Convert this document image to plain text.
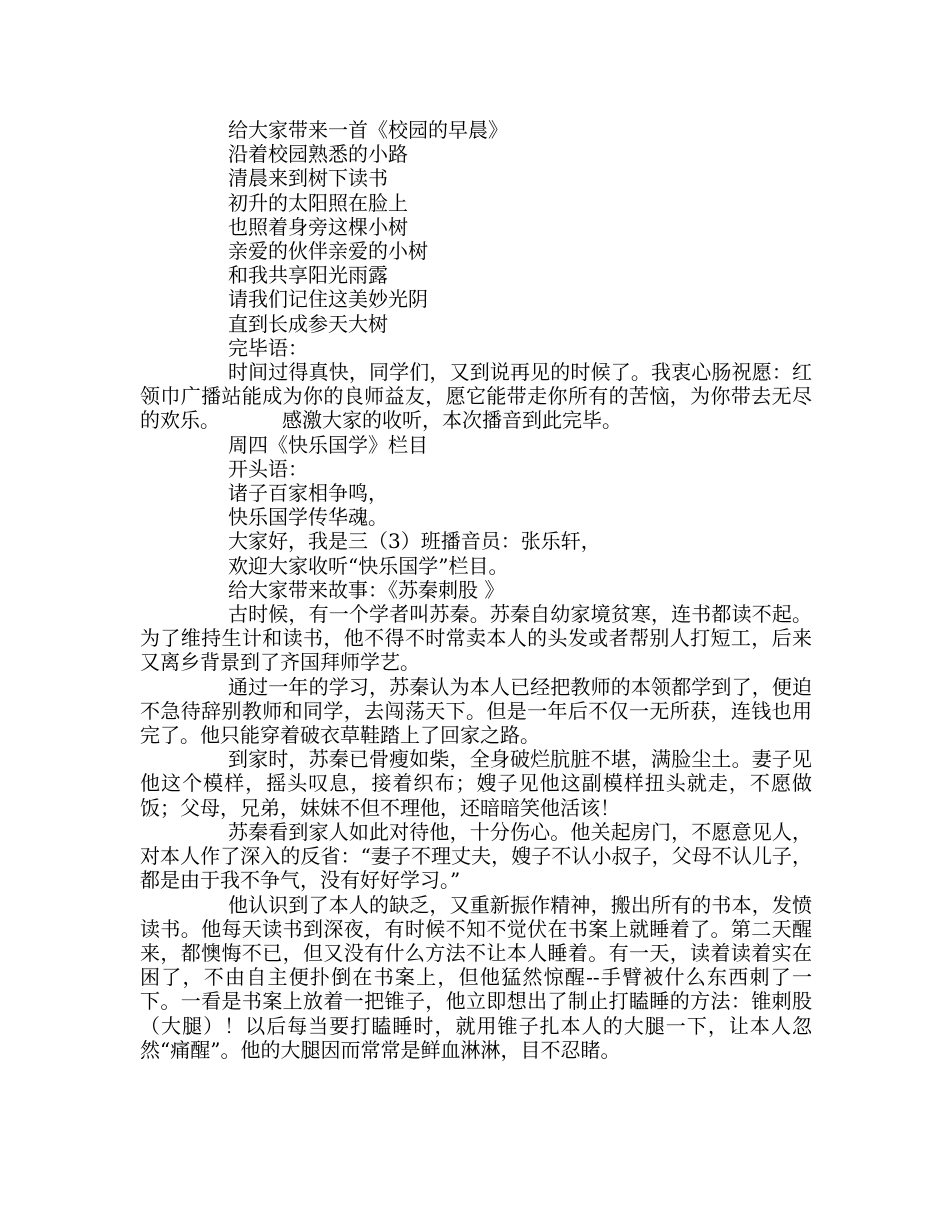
给大家带来一首《校园的早晨》
沿着校园熟悉的小路
清晨来到树下读书
初升的太阳照在脸上
也照着身旁这棵小树
亲爱的伙伴亲爱的小树
和我共享阳光雨露
请我们记住这美妙光阴
直到长成参天大树
完毕语：

时间过得真快，同学们，又到说再见的时候了。我衷心肠祝愿：红领巾广播站能成为你的良师益友，愿它能带走你所有的苦恼，为你带去无尽的欢乐。	感激大家的收听，本次播音到此完毕。

周四《快乐国学》栏目
开头语：
诸子百家相争鸣，
快乐国学传华魂。
大家好，我是三（3）班播音员：张乐轩，
欢迎大家收听“快乐国学”栏目。
给大家带来故事：《苏秦刺股 》

古时候，有一个学者叫苏秦。苏秦自幼家境贫寒，连书都读不起。为了维持生计和读书，他不得不时常卖本人的头发或者帮别人打短工，后来又离乡背景到了齐国拜师学艺。

通过一年的学习，苏秦认为本人已经把教师的本领都学到了，便迫不急待辞别教师和同学，去闯荡天下。但是一年后不仅一无所获，连钱也用完了。他只能穿着破衣草鞋踏上了回家之路。

到家时，苏秦已骨瘦如柴，全身破烂肮脏不堪，满脸尘土。妻子见他这个模样，摇头叹息，接着织布；嫂子见他这副模样扭头就走，不愿做饭；父母，兄弟，妹妹不但不理他，还暗暗笑他活该！

苏秦看到家人如此对待他，十分伤心。他关起房门，不愿意见人，对本人作了深入的反省：“妻子不理丈夫，嫂子不认小叔子，父母不认儿子，都是由于我不争气，没有好好学习。”

他认识到了本人的缺乏，又重新振作精神，搬出所有的书本，发愤读书。他每天读书到深夜，有时候不知不觉伏在书案上就睡着了。第二天醒来，都懊悔不已，但又没有什么方法不让本人睡着。有一天，读着读着实在困了，不由自主便扑倒在书案上，但他猛然惊醒--手臂被什么东西刺了一下。一看是书案上放着一把锥子，他立即想出了制止打瞌睡的方法：锥刺股（大腿）！以后每当要打瞌睡时，就用锥子扎本人的大腿一下，让本人忽然“痛醒”。他的大腿因而常常是鲜血淋淋，目不忍睹。
